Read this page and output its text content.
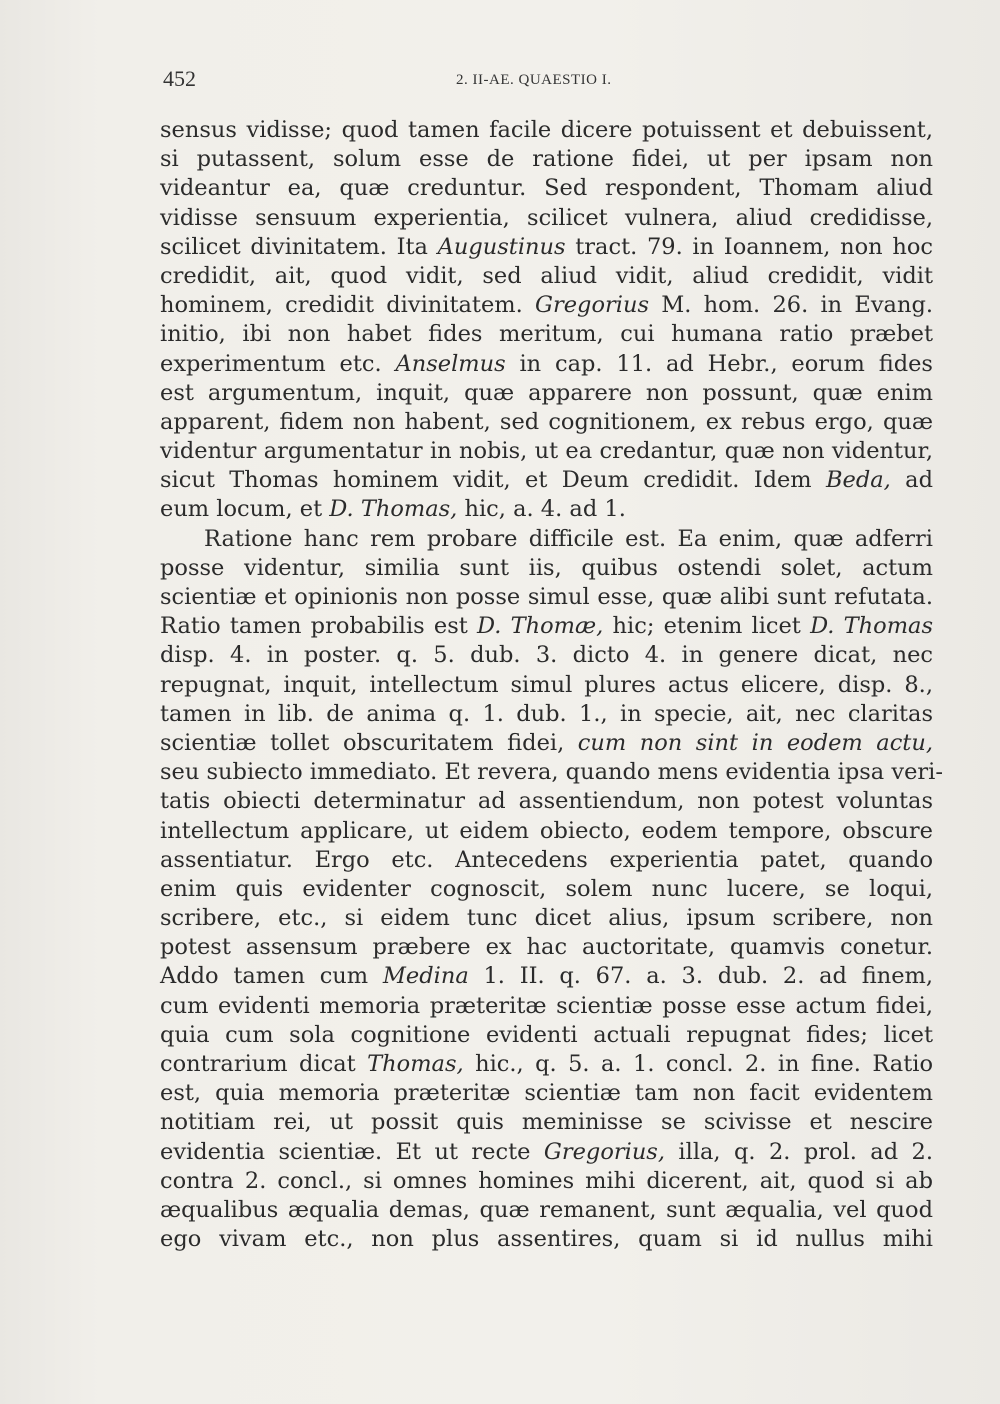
452	2. II-AE. QUAESTIO I.
sensus vidisse; quod tamen facile dicere potuissent et debuissent,
si putassent, solum esse de ratione fidei, ut per ipsam non
videantur ea, quæ creduntur. Sed respondent, Thomam aliud
vidisse sensuum experientia, scilicet vulnera, aliud credidisse,
scilicet divinitatem. Ita Augustinus tract. 79. in Ioannem, non hoc
credidit, ait, quod vidit, sed aliud vidit, aliud credidit, vidit
hominem, credidit divinitatem. Gregorius M. hom. 26. in Evang.
initio, ibi non habet fides meritum, cui humana ratio præbet
experimentum etc. Anselmus in cap. 11. ad Hebr., eorum fides
est argumentum, inquit, quæ apparere non possunt, quæ enim
apparent, fidem non habent, sed cognitionem, ex rebus ergo, quæ
videntur argumentatur in nobis, ut ea credantur, quæ non videntur,
sicut Thomas hominem vidit, et Deum credidit. Idem Beda, ad
eum locum, et D. Thomas, hic, a. 4. ad 1.
Ratione hanc rem probare difficile est. Ea enim, quæ adferri
posse videntur, similia sunt iis, quibus ostendi solet, actum
scientiæ et opinionis non posse simul esse, quæ alibi sunt refutata.
Ratio tamen probabilis est D. Thomæ, hic; etenim licet D. Thomas
disp. 4. in poster. q. 5. dub. 3. dicto 4. in genere dicat, nec
repugnat, inquit, intellectum simul plures actus elicere, disp. 8.,
tamen in lib. de anima q. 1. dub. 1., in specie, ait, nec claritas
scientiæ tollet obscuritatem fidei, cum non sint in eodem actu,
seu subiecto immediato. Et revera, quando mens evidentia ipsa veri-
tatis obiecti determinatur ad assentiendum, non potest voluntas
intellectum applicare, ut eidem obiecto, eodem tempore, obscure
assentiatur. Ergo etc. Antecedens experientia patet, quando
enim quis evidenter cognoscit, solem nunc lucere, se loqui,
scribere, etc., si eidem tunc dicet alius, ipsum scribere, non
potest assensum præbere ex hac auctoritate, quamvis conetur.
Addo tamen cum Medina 1. II. q. 67. a. 3. dub. 2. ad finem,
cum evidenti memoria præteritæ scientiæ posse esse actum fidei,
quia cum sola cognitione evidenti actuali repugnat fides; licet
contrarium dicat Thomas, hic., q. 5. a. 1. concl. 2. in fine. Ratio
est, quia memoria præteritæ scientiæ tam non facit evidentem
notitiam rei, ut possit quis meminisse se scivisse et nescire
evidentia scientiæ. Et ut recte Gregorius, illa, q. 2. prol. ad 2.
contra 2. concl., si omnes homines mihi dicerent, ait, quod si ab
æqualibus æqualia demas, quæ remanent, sunt æqualia, vel quod
ego vivam etc., non plus assentires, quam si id nullus mihi
